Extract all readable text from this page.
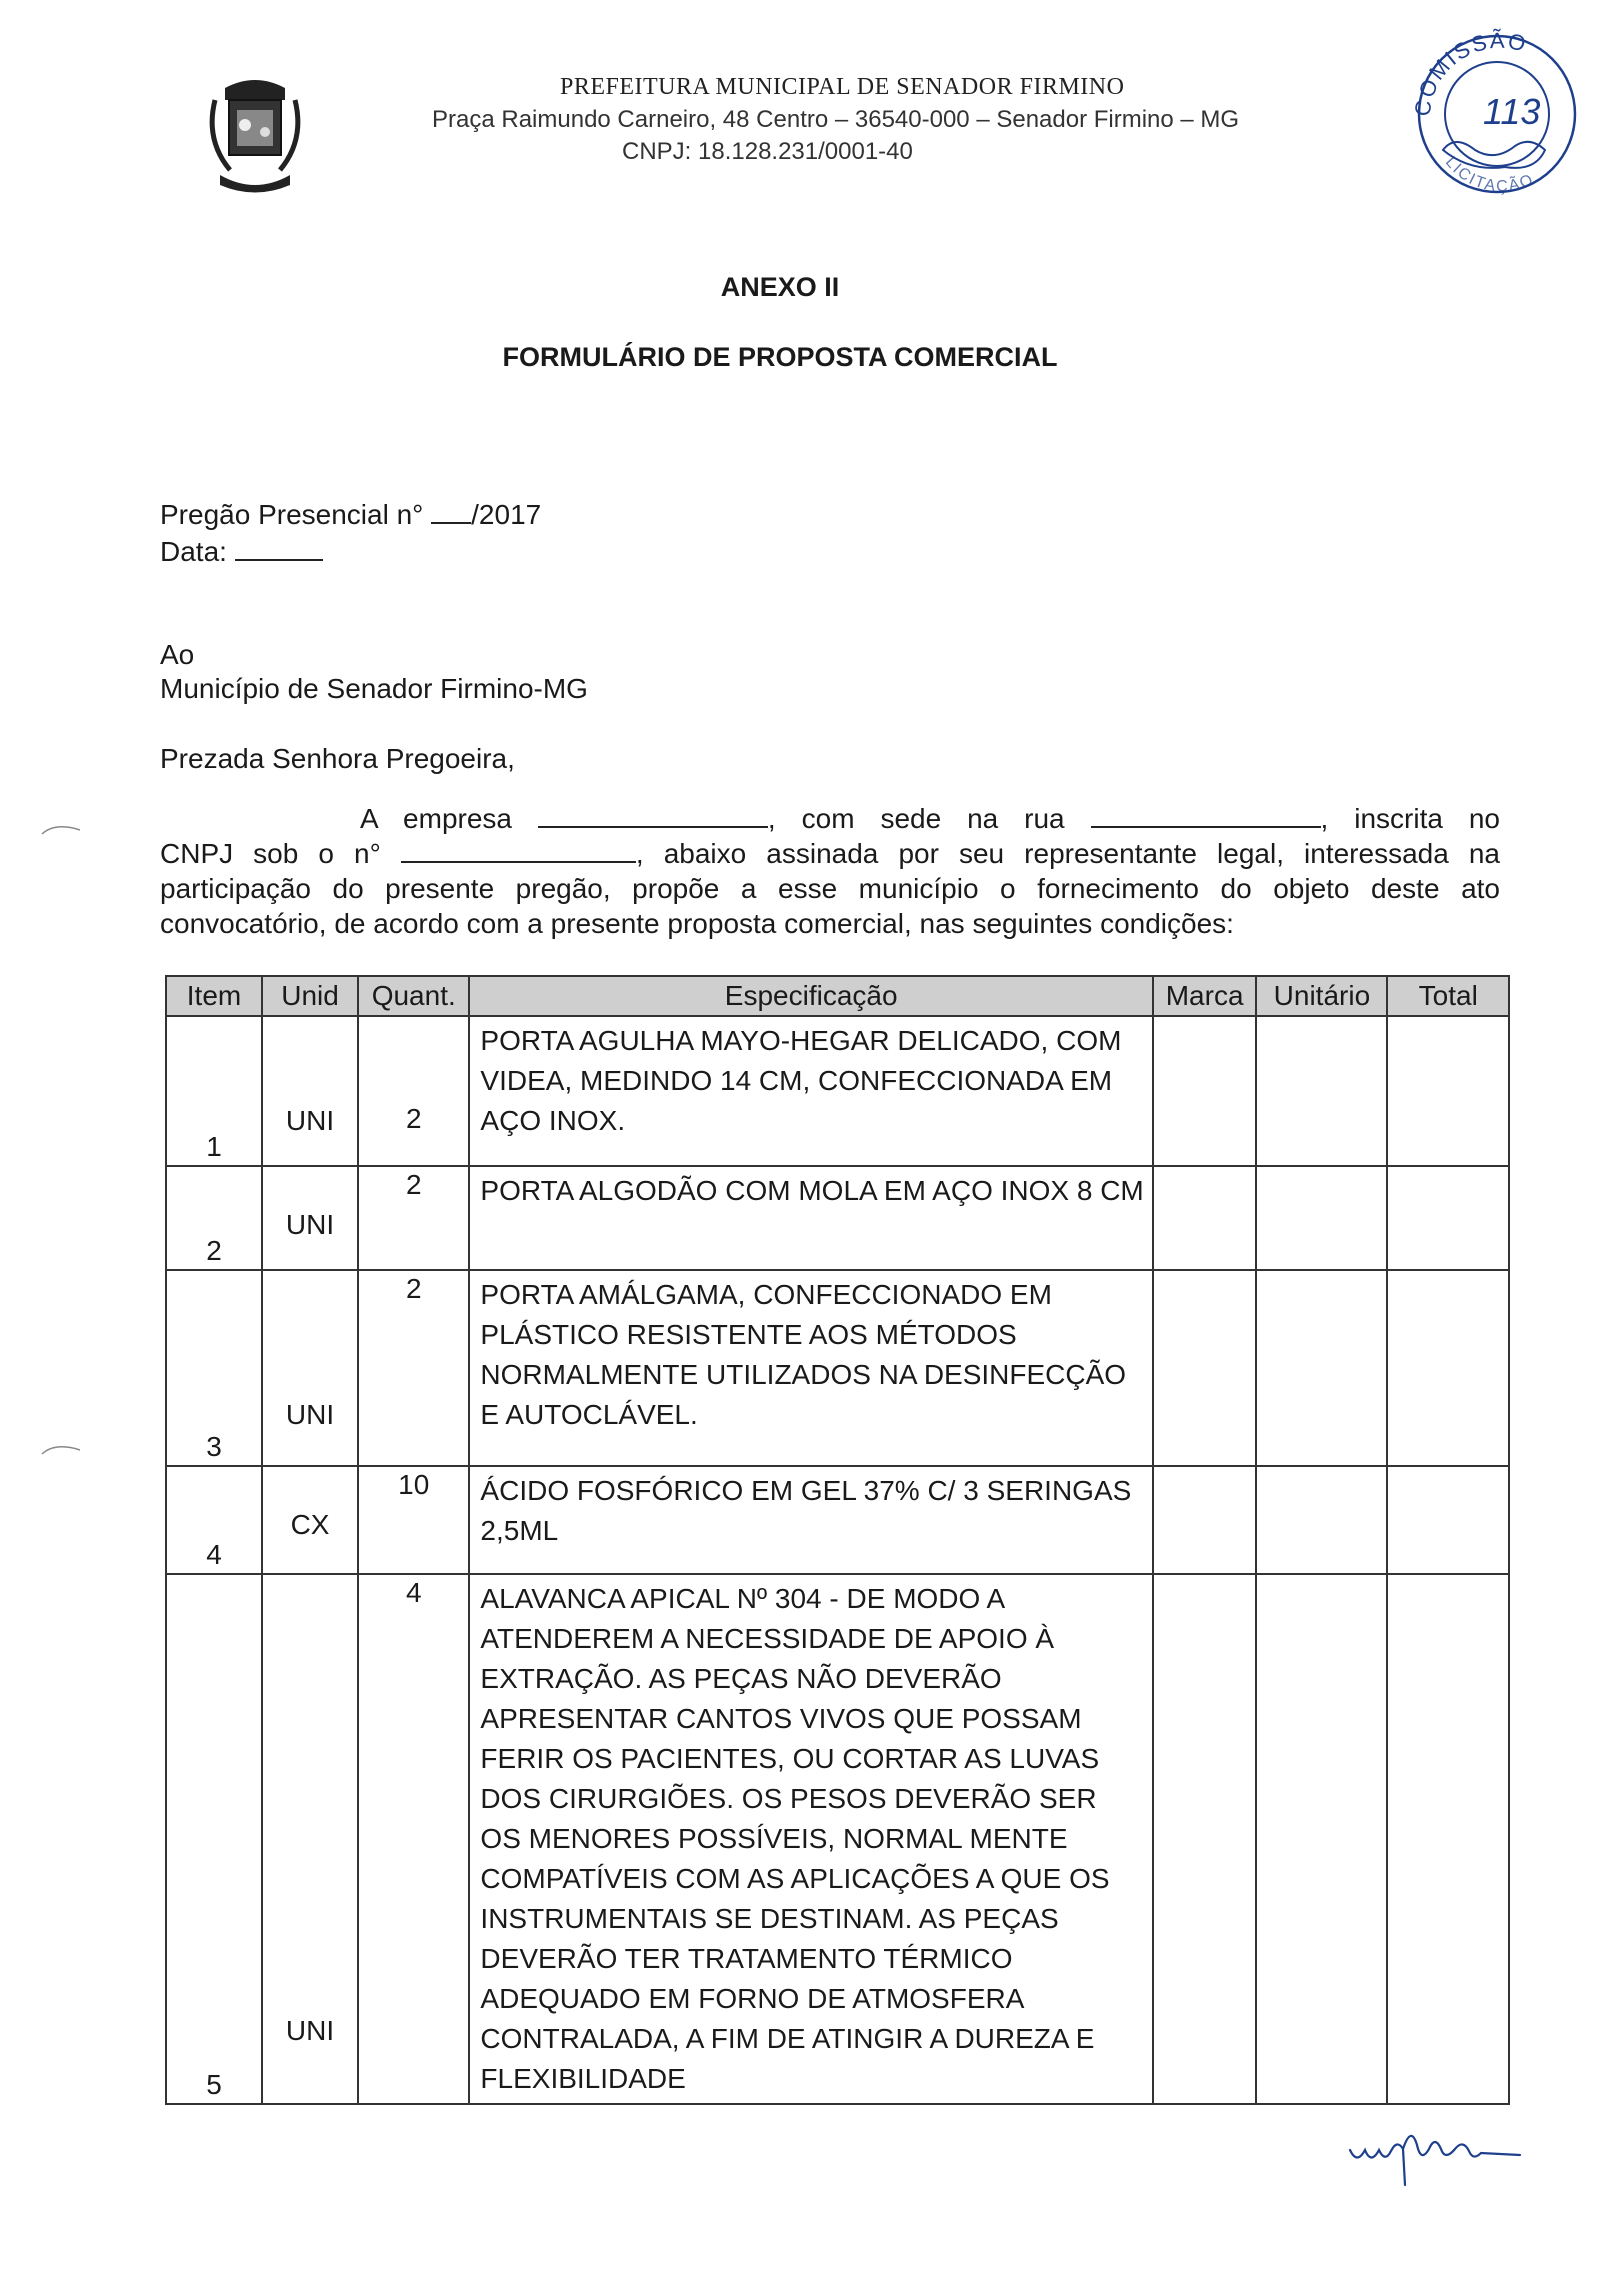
PREFEITURA MUNICIPAL DE SENADOR FIRMINO
Praça Raimundo Carneiro, 48 Centro – 36540-000 – Senador Firmino – MG
CNPJ: 18.128.231/0001-40
COMISSÃO
113
LICITAÇÃO
ANEXO II
FORMULÁRIO DE PROPOSTA COMERCIAL
Pregão Presencial n° /2017
Data:
Ao
Município de Senador Firmino-MG
Prezada Senhora Pregoeira,
A empresa	, com sede na rua	, inscrita no
CNPJ sob o n°	, abaixo assinada por seu representante legal, interessada na
participação do presente pregão, propõe a esse município o fornecimento do objeto deste ato
convocatório, de acordo com a presente proposta comercial, nas seguintes condições:
Item	Unid	Quant.	Especificação	Marca	Unitário	Total

1	UNI	2	PORTA AGULHA MAYO-HEGAR DELICADO, COM VIDEA, MEDINDO 14 CM, CONFECCIONADA EM AÇO INOX.			

2	UNI	2	PORTA ALGODÃO COM MOLA EM AÇO INOX 8 CM			

3	UNI	2	PORTA AMÁLGAMA, CONFECCIONADO EM PLÁSTICO RESISTENTE AOS MÉTODOS NORMALMENTE UTILIZADOS NA DESINFECÇÃO E AUTOCLÁVEL.			

4	CX	10	ÁCIDO FOSFÓRICO EM GEL 37% C/ 3 SERINGAS 2,5ML			

5	UNI	4	ALAVANCA APICAL Nº 304 - DE MODO A ATENDEREM A NECESSIDADE DE APOIO À EXTRAÇÃO. AS PEÇAS NÃO DEVERÃO APRESENTAR CANTOS VIVOS QUE POSSAM FERIR OS PACIENTES, OU CORTAR AS LUVAS DOS CIRURGIÕES. OS PESOS DEVERÃO SER OS MENORES POSSÍVEIS, NORMAL MENTE COMPATÍVEIS COM AS APLICAÇÕES A QUE OS INSTRUMENTAIS SE DESTINAM. AS PEÇAS DEVERÃO TER TRATAMENTO TÉRMICO ADEQUADO EM FORNO DE ATMOSFERA CONTRALADA, A FIM DE ATINGIR A DUREZA E FLEXIBILIDADE			
